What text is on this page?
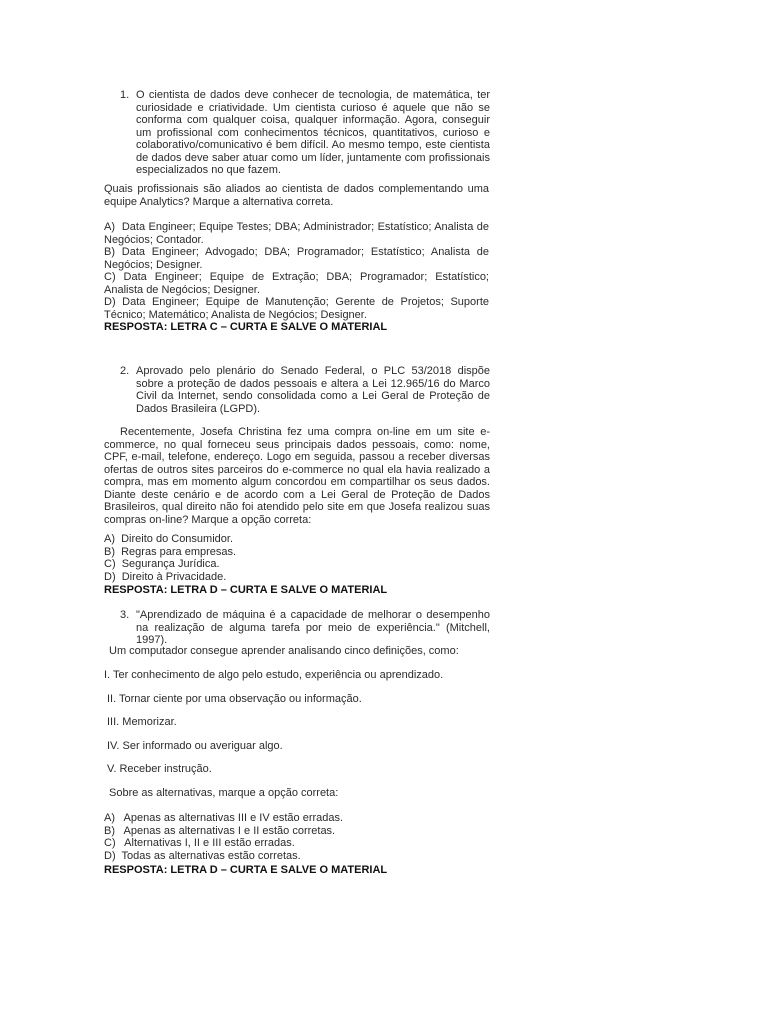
1. O cientista de dados deve conhecer de tecnologia, de matemática, ter curiosidade e criatividade. Um cientista curioso é aquele que não se conforma com qualquer coisa, qualquer informação. Agora, conseguir um profissional com conhecimentos técnicos, quantitativos, curioso e colaborativo/comunicativo é bem difícil. Ao mesmo tempo, este cientista de dados deve saber atuar como um líder, juntamente com profissionais especializados no que fazem.

Quais profissionais são aliados ao cientista de dados complementando uma equipe Analytics? Marque a alternativa correta.

A)  Data Engineer; Equipe Testes; DBA; Administrador; Estatístico; Analista de Negócios; Contador.

B) Data Engineer; Advogado; DBA; Programador; Estatístico; Analista de Negócios; Designer.

C) Data Engineer; Equipe de Extração; DBA; Programador; Estatístico; Analista de Negócios; Designer.

D) Data Engineer; Equipe de Manutenção; Gerente de Projetos; Suporte Técnico; Matemático; Analista de Negócios; Designer.

RESPOSTA: LETRA C – CURTA E SALVE O MATERIAL

2. Aprovado pelo plenário do Senado Federal, o PLC 53/2018 dispõe sobre a proteção de dados pessoais e altera a Lei 12.965/16 do Marco Civil da Internet, sendo consolidada como a Lei Geral de Proteção de Dados Brasileira (LGPD).

Recentemente, Josefa Christina fez uma compra on-line em um site e-commerce, no qual forneceu seus principais dados pessoais, como: nome, CPF, e-mail, telefone, endereço. Logo em seguida, passou a receber diversas ofertas de outros sites parceiros do e-commerce no qual ela havia realizado a compra, mas em momento algum concordou em compartilhar os seus dados. Diante deste cenário e de acordo com a Lei Geral de Proteção de Dados Brasileiros, qual direito não foi atendido pelo site em que Josefa realizou suas compras on-line? Marque a opção correta:

A)  Direito do Consumidor.

B)  Regras para empresas.

C)  Segurança Jurídica.

D)  Direito à Privacidade.

RESPOSTA: LETRA D – CURTA E SALVE O MATERIAL

3. "Aprendizado de máquina é a capacidade de melhorar o desempenho na realização de alguma tarefa por meio de experiência." (Mitchell, 1997).

Um computador consegue aprender analisando cinco definições, como:

I. Ter conhecimento de algo pelo estudo, experiência ou aprendizado.

II. Tornar ciente por uma observação ou informação.

III. Memorizar.

IV. Ser informado ou averiguar algo.

V. Receber instrução.

Sobre as alternativas, marque a opção correta:

A)   Apenas as alternativas III e IV estão erradas.

B)   Apenas as alternativas I e II estão corretas.

C)   Alternativas I, II e III estão erradas.

D)  Todas as alternativas estão corretas.

RESPOSTA: LETRA D – CURTA E SALVE O MATERIAL
